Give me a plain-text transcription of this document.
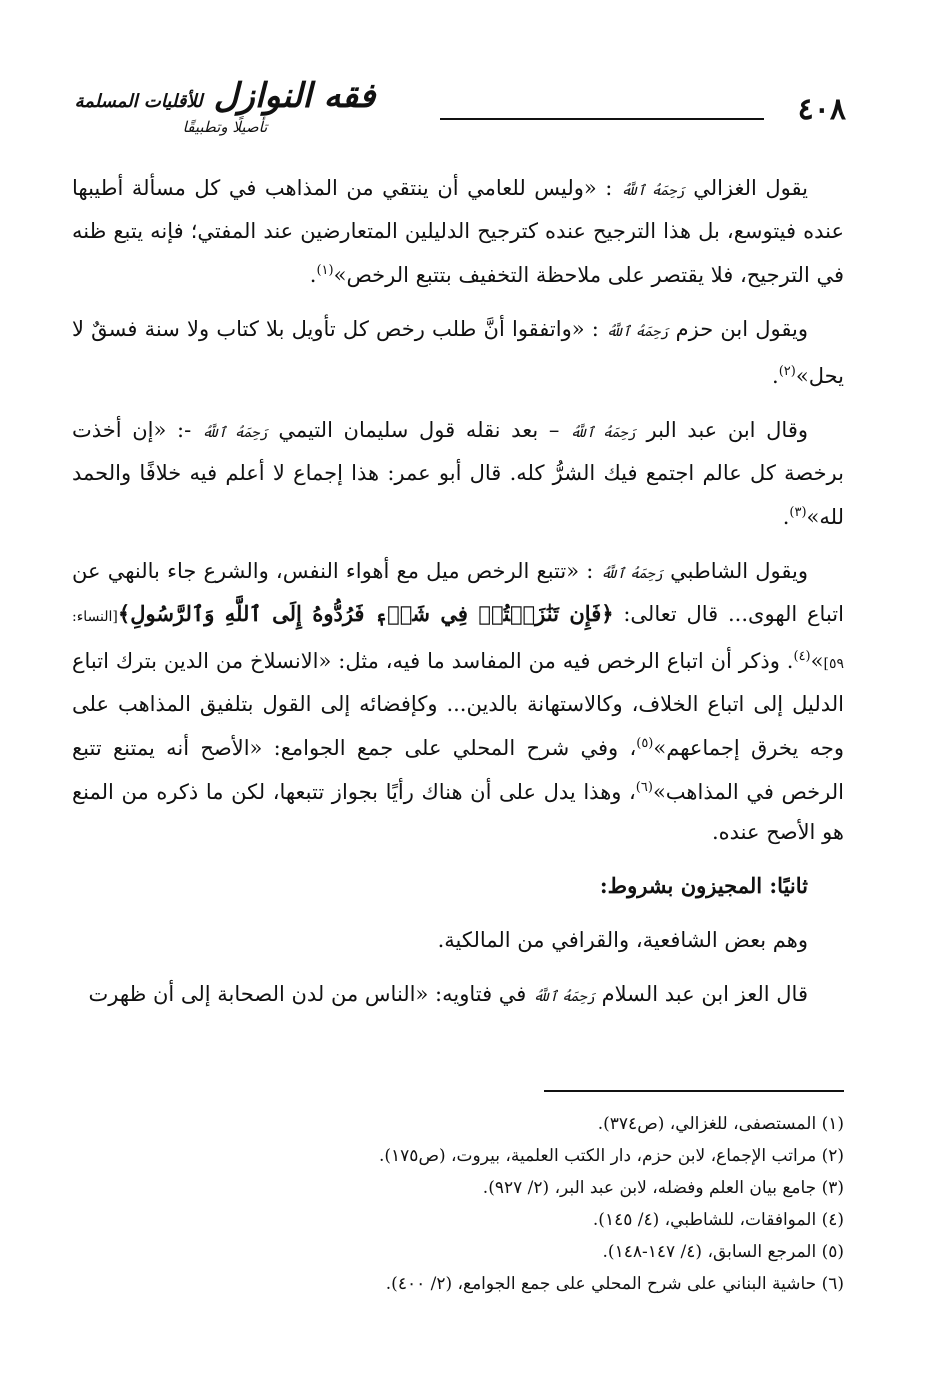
٤٠٨
فقه النوازل للأقليات المسلمة
تأصيلًا وتطبيقًا

يقول الغزالي رَحِمَهُ ٱللَّهُ : «وليس للعامي أن ينتقي من المذاهب في كل مسألة أطيبها عنده فيتوسع، بل هذا الترجيح عنده كترجيح الدليلين المتعارضين عند المفتي؛ فإنه يتبع ظنه في الترجيح، فلا يقتصر على ملاحظة التخفيف بتتبع الرخص»$^{(١)}$.

ويقول ابن حزم رَحِمَهُ ٱللَّهُ : «واتفقوا أنَّ طلب رخص كل تأويل بلا كتاب ولا سنة فسقٌ لا يحل»$^{(٢)}$.

وقال ابن عبد البر رَحِمَهُ ٱللَّهُ – بعد نقله قول سليمان التيمي رَحِمَهُ ٱللَّهُ -: «إن أخذت برخصة كل عالم اجتمع فيك الشرُّ كله. قال أبو عمر: هذا إجماع لا أعلم فيه خلافًا والحمد لله»$^{(٣)}$.

ويقول الشاطبي رَحِمَهُ ٱللَّهُ : «تتبع الرخص ميل مع أهواء النفس، والشرع جاء بالنهي عن اتباع الهوى... قال تعالى: ﴿فَإِن تَنَٰزَعۡتُمۡ فِي شَيۡءٖ فَرُدُّوهُ إِلَى ٱللَّهِ وَٱلرَّسُولِ﴾[النساء: ٥٩]»$^{(٤)}$. وذكر أن اتباع الرخص فيه من المفاسد ما فيه، مثل: «الانسلاخ من الدين بترك اتباع الدليل إلى اتباع الخلاف، وكالاستهانة بالدين... وكإفضائه إلى القول بتلفيق المذاهب على وجه يخرق إجماعهم»$^{(٥)}$، وفي شرح المحلي على جمع الجوامع: «الأصح أنه يمتنع تتبع الرخص في المذاهب»$^{(٦)}$، وهذا يدل على أن هناك رأيًا بجواز تتبعها، لكن ما ذكره من المنع هو الأصح عنده.

ثانيًا: المجيزون بشروط:

وهم بعض الشافعية، والقرافي من المالكية.

قال العز ابن عبد السلام رَحِمَهُ ٱللَّهُ في فتاويه: «الناس من لدن الصحابة إلى أن ظهرت

(١) المستصفى، للغزالي، (ص٣٧٤).

(٢) مراتب الإجماع، لابن حزم، دار الكتب العلمية، بيروت، (ص١٧٥).

(٣) جامع بيان العلم وفضله، لابن عبد البر، (٢/ ٩٢٧).

(٤) الموافقات، للشاطبي، (٤/ ١٤٥).

(٥) المرجع السابق، (٤/ ١٤٧-١٤٨).

(٦) حاشية البناني على شرح المحلي على جمع الجوامع، (٢/ ٤٠٠).
